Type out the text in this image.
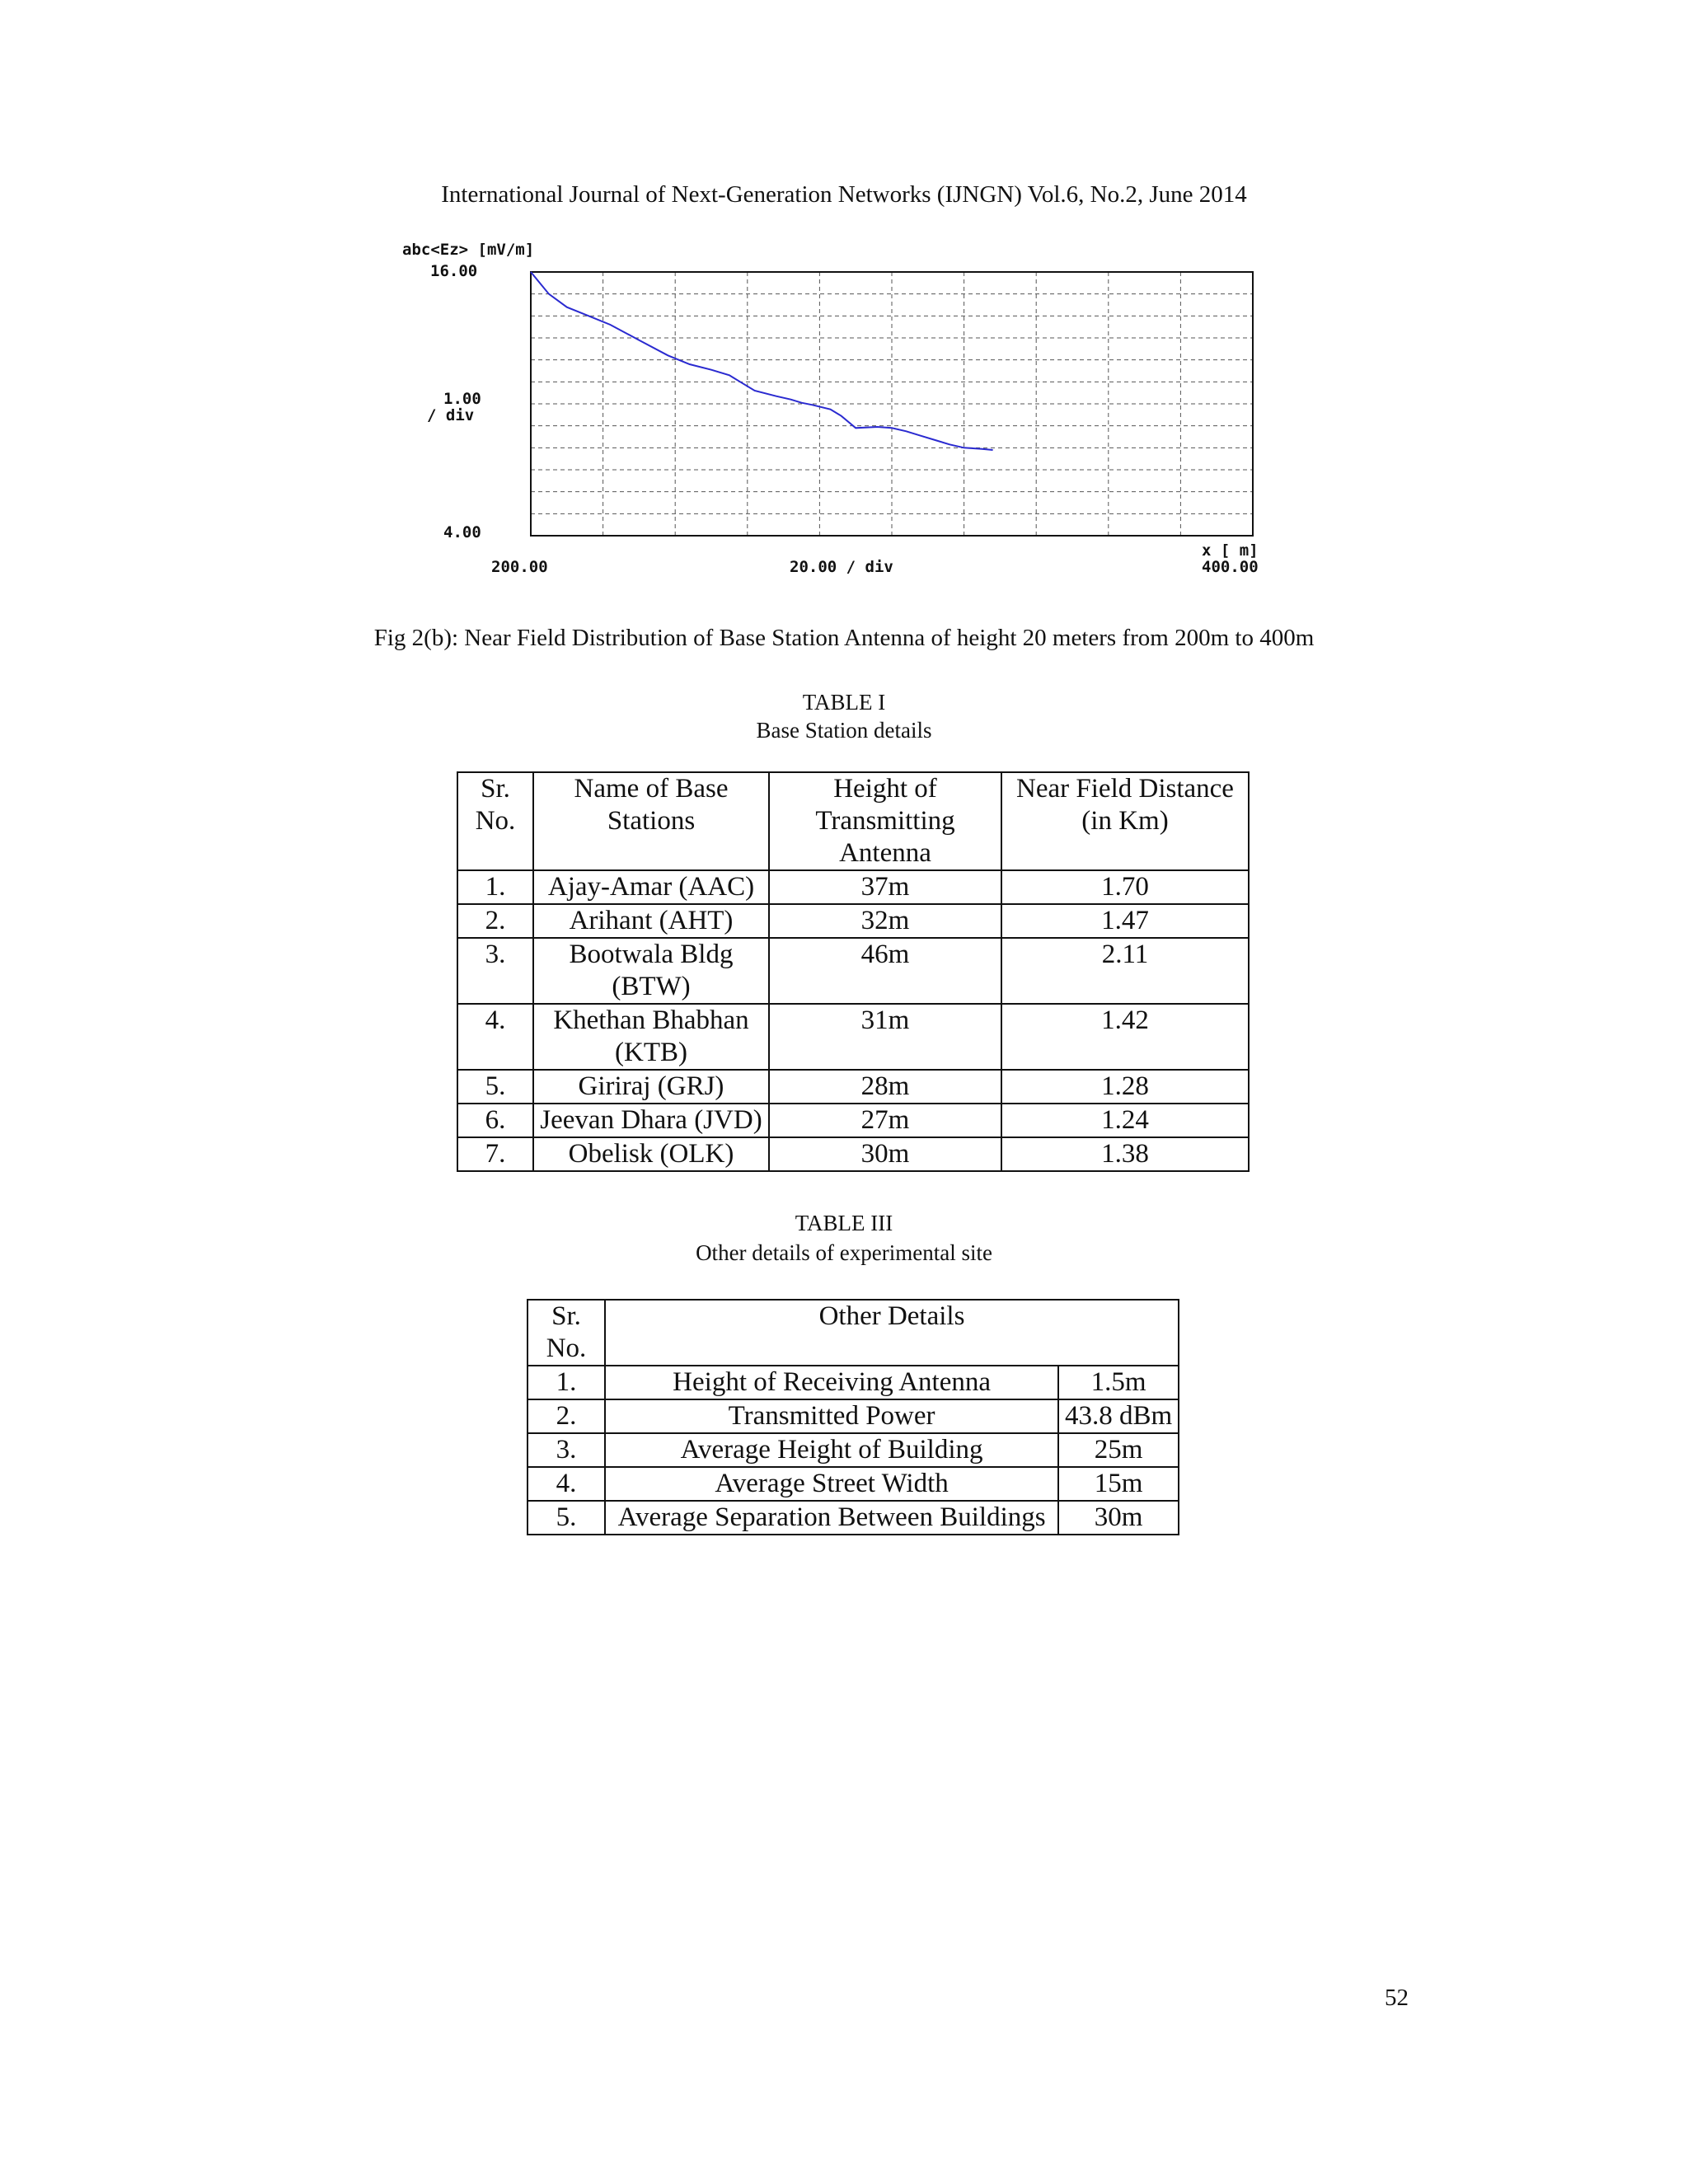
International Journal of Next-Generation Networks (IJNGN) Vol.6, No.2, June 2014
abc<Ez> [mV/m]
16.00
1.00
/ div
4.00
200.00	20.00 / div
x [ m]
400.00
Fig 2(b): Near Field Distribution of Base Station Antenna of height 20 meters from 200m to 400m
TABLE I
Base Station details
Sr. No.	Name of Base Stations	Height of Transmitting Antenna	Near Field Distance (in Km)
1.	Ajay-Amar (AAC)	37m	1.70
2.	Arihant (AHT)	32m	1.47
3.	Bootwala Bldg (BTW)	46m	2.11
4.	Khethan Bhabhan (KTB)	31m	1.42
5.	Giriraj (GRJ)	28m	1.28
6.	Jeevan Dhara (JVD)	27m	1.24
7.	Obelisk (OLK)	30m	1.38
TABLE III
Other details of experimental site
Sr. No.	Other Details	
1.	Height of Receiving Antenna	1.5m
2.	Transmitted Power	43.8 dBm
3.	Average Height of Building	25m
4.	Average Street Width	15m
5.	Average Separation Between Buildings	30m
52
